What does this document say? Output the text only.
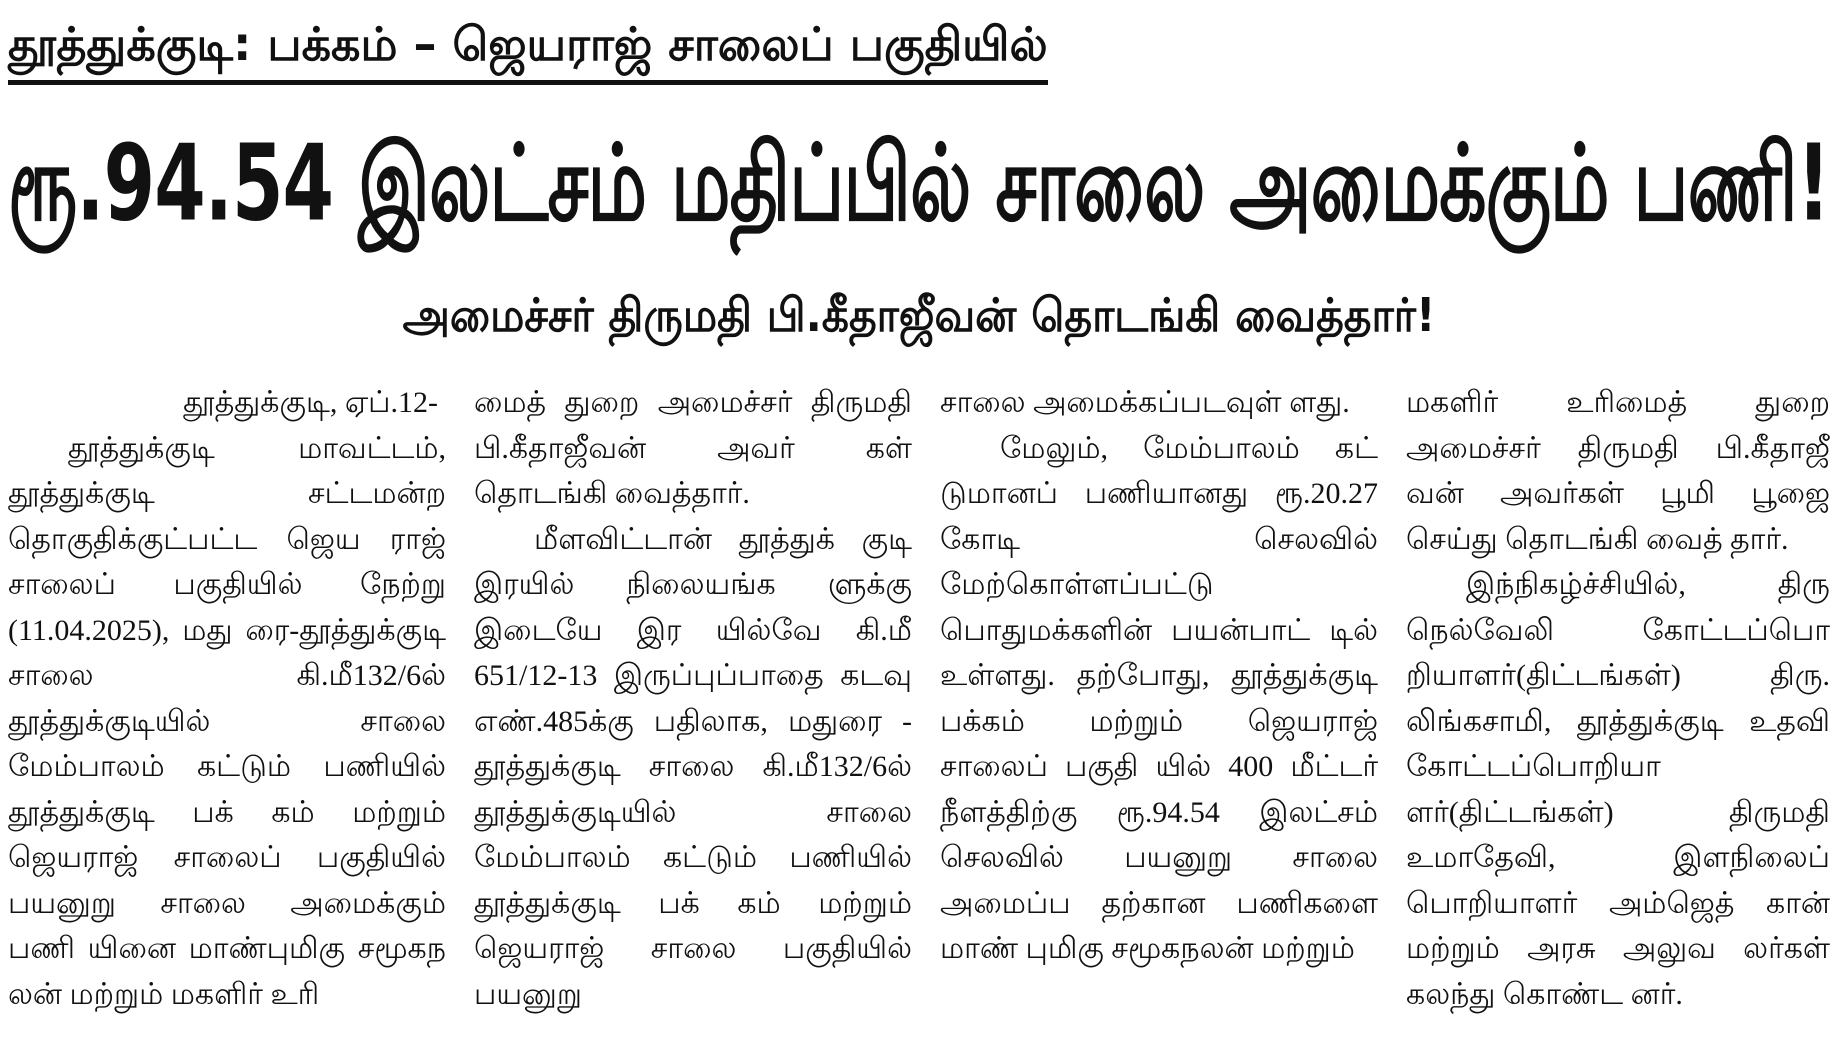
தூத்துக்குடி: பக்கம் – ஜெயராஜ் சாலைப் பகுதியில்
ரூ.94.54 இலட்சம் மதிப்பில் சாலை அமைக்கும் பணி!
அமைச்சர் திருமதி பி.கீதாஜீவன் தொடங்கி வைத்தார்!

தூத்துக்குடி, ஏப்.12-

தூத்துக்குடி மாவட்டம், தூத்துக்குடி சட்டமன்ற தொகுதிக்குட்பட்ட ஜெய ராஜ் சாலைப் பகுதியில் நேற்று (11.04.2025), மது ரை-தூத்துக்குடி சாலை கி.மீ132/6ல் தூத்துக்குடியில் சாலை மேம்பாலம் கட்டும் பணியில் தூத்துக்குடி பக் கம் மற்றும் ஜெயராஜ் சாலைப் பகுதியில் பயனுறு சாலை அமைக்கும் பணி யினை மாண்புமிகு சமூகந லன் மற்றும் மகளிர் உரி

மைத் துறை அமைச்சர் திருமதி பி.கீதாஜீவன் அவர் கள் தொடங்கி வைத்தார்.

மீளவிட்டான் தூத்துக் குடி இரயில் நிலையங்க ளுக்கு இடையே இர யில்வே கி.மீ 651/12-13 இருப்புப்பாதை கடவு எண்.485க்கு பதிலாக, மதுரை - தூத்துக்குடி சாலை கி.மீ132/6ல் தூத்துக்குடியில் சாலை மேம்பாலம் கட்டும் பணியில் தூத்துக்குடி பக் கம் மற்றும் ஜெயராஜ் சாலை பகுதியில் பயனுறு

சாலை அமைக்கப்படவுள் ளது.

மேலும், மேம்பாலம் கட் டுமானப் பணியானது ரூ.20.27 கோடி செலவில் மேற்கொள்ளப்பட்டு பொதுமக்களின் பயன்பாட் டில் உள்ளது. தற்போது, தூத்துக்குடி பக்கம் மற்றும் ஜெயராஜ் சாலைப் பகுதி யில் 400 மீட்டர் நீளத்திற்கு ரூ.94.54 இலட்சம் செலவில் பயனுறு சாலை அமைப்ப தற்கான பணிகளை மாண் புமிகு சமூகநலன் மற்றும்

மகளிர் உரிமைத் துறை அமைச்சர் திருமதி பி.கீதாஜீ வன் அவர்கள் பூமி பூஜை செய்து தொடங்கி வைத் தார்.

இந்நிகழ்ச்சியில், திரு நெல்வேலி கோட்டப்பொ றியாளர்(திட்டங்கள்) திரு. லிங்கசாமி, தூத்துக்குடி உதவி கோட்டப்பொறியா ளர்(திட்டங்கள்) திருமதி உமாதேவி, இளநிலைப் பொறியாளர் அம்ஜெத் கான் மற்றும் அரசு அலுவ லர்கள் கலந்து கொண்ட னர்.
